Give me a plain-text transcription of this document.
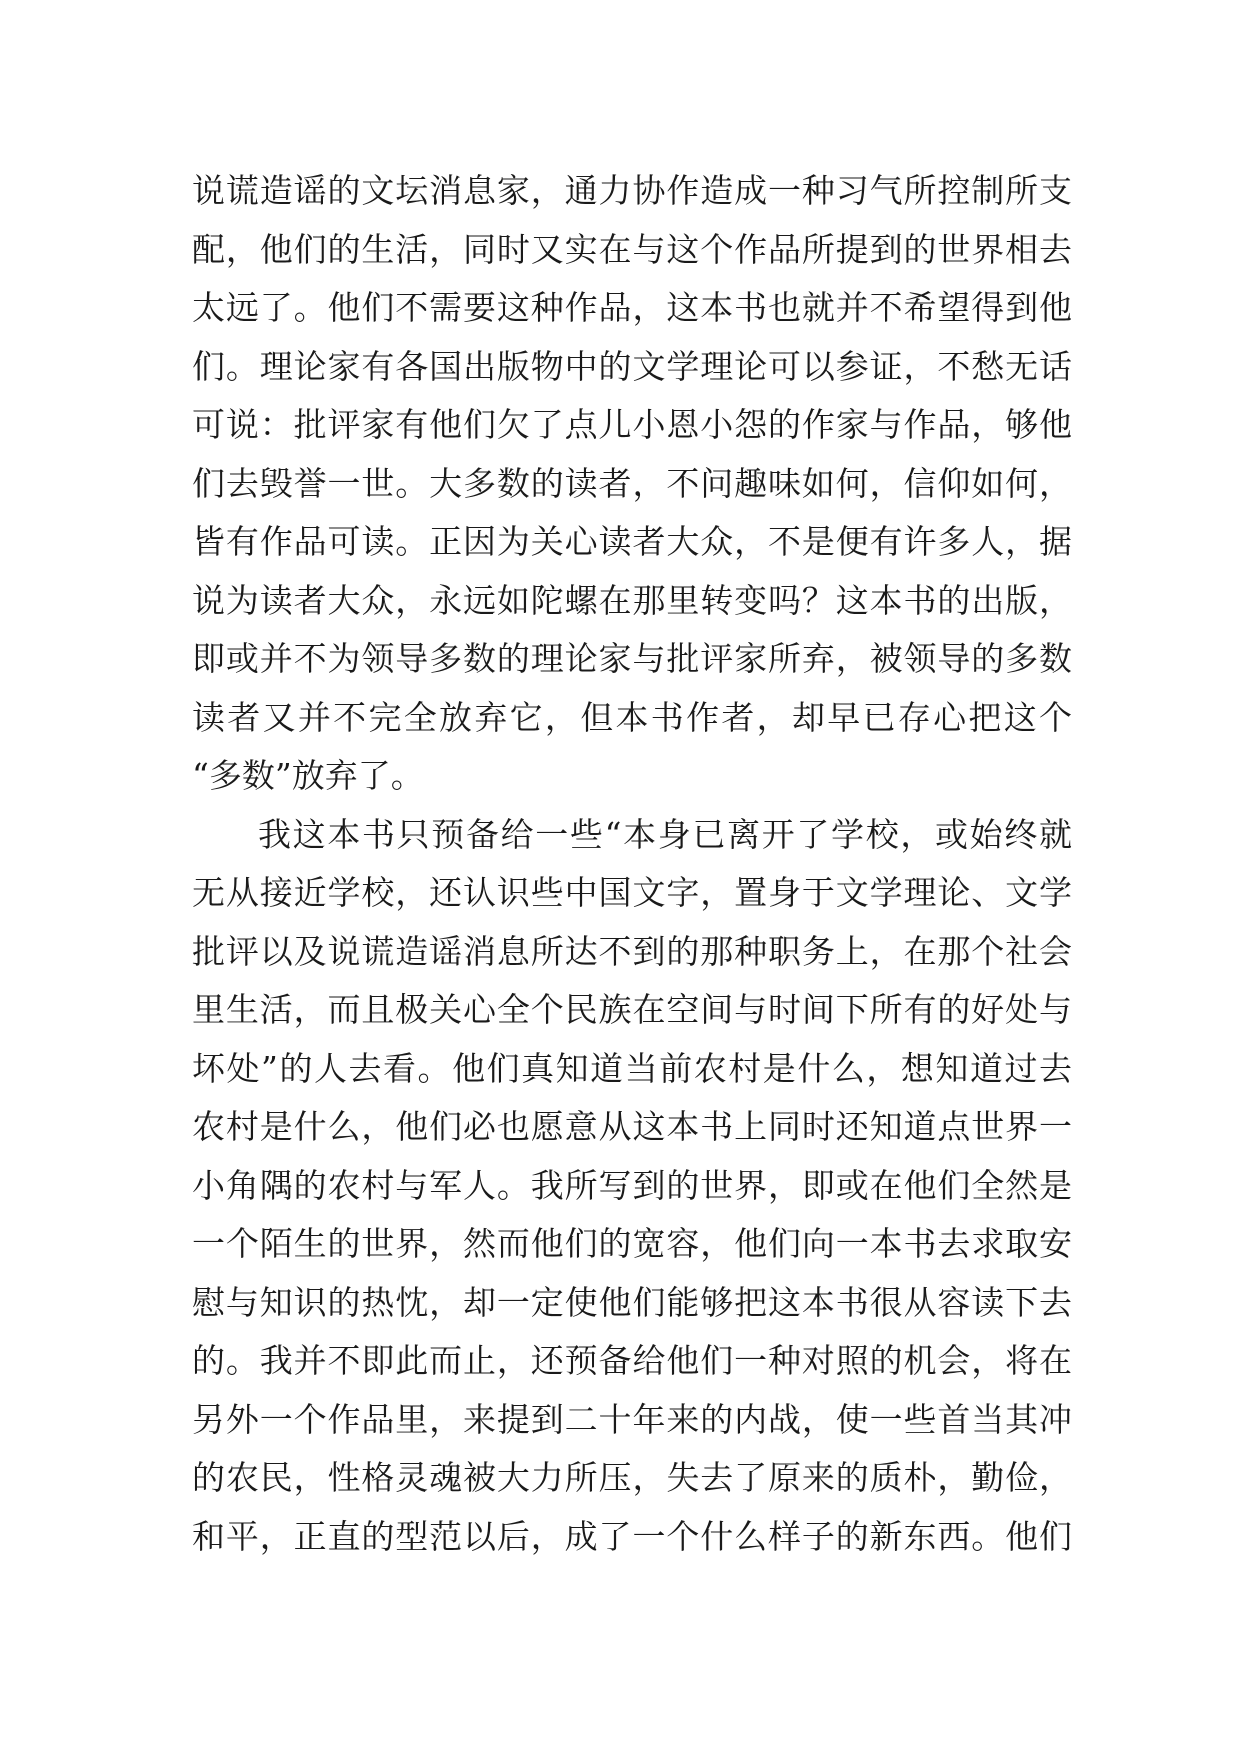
说谎造谣的文坛消息家，通力协作造成一种习气所控制所支
配，他们的生活，同时又实在与这个作品所提到的世界相去
太远了。他们不需要这种作品，这本书也就并不希望得到他
们。理论家有各国出版物中的文学理论可以参证，不愁无话
可说：批评家有他们欠了点儿小恩小怨的作家与作品，够他
们去毁誉一世。大多数的读者，不问趣味如何，信仰如何，
皆有作品可读。正因为关心读者大众，不是便有许多人，据
说为读者大众，永远如陀螺在那里转变吗？这本书的出版，
即或并不为领导多数的理论家与批评家所弃，被领导的多数
读者又并不完全放弃它，但本书作者，却早已存心把这个
“多数”放弃了。
我这本书只预备给一些“本身已离开了学校，或始终就
无从接近学校，还认识些中国文字，置身于文学理论、文学
批评以及说谎造谣消息所达不到的那种职务上，在那个社会
里生活，而且极关心全个民族在空间与时间下所有的好处与
坏处”的人去看。他们真知道当前农村是什么，想知道过去
农村是什么，他们必也愿意从这本书上同时还知道点世界一
小角隅的农村与军人。我所写到的世界，即或在他们全然是
一个陌生的世界，然而他们的宽容，他们向一本书去求取安
慰与知识的热忱，却一定使他们能够把这本书很从容读下去
的。我并不即此而止，还预备给他们一种对照的机会，将在
另外一个作品里，来提到二十年来的内战，使一些首当其冲
的农民，性格灵魂被大力所压，失去了原来的质朴，勤俭，
和平，正直的型范以后，成了一个什么样子的新东西。他们
